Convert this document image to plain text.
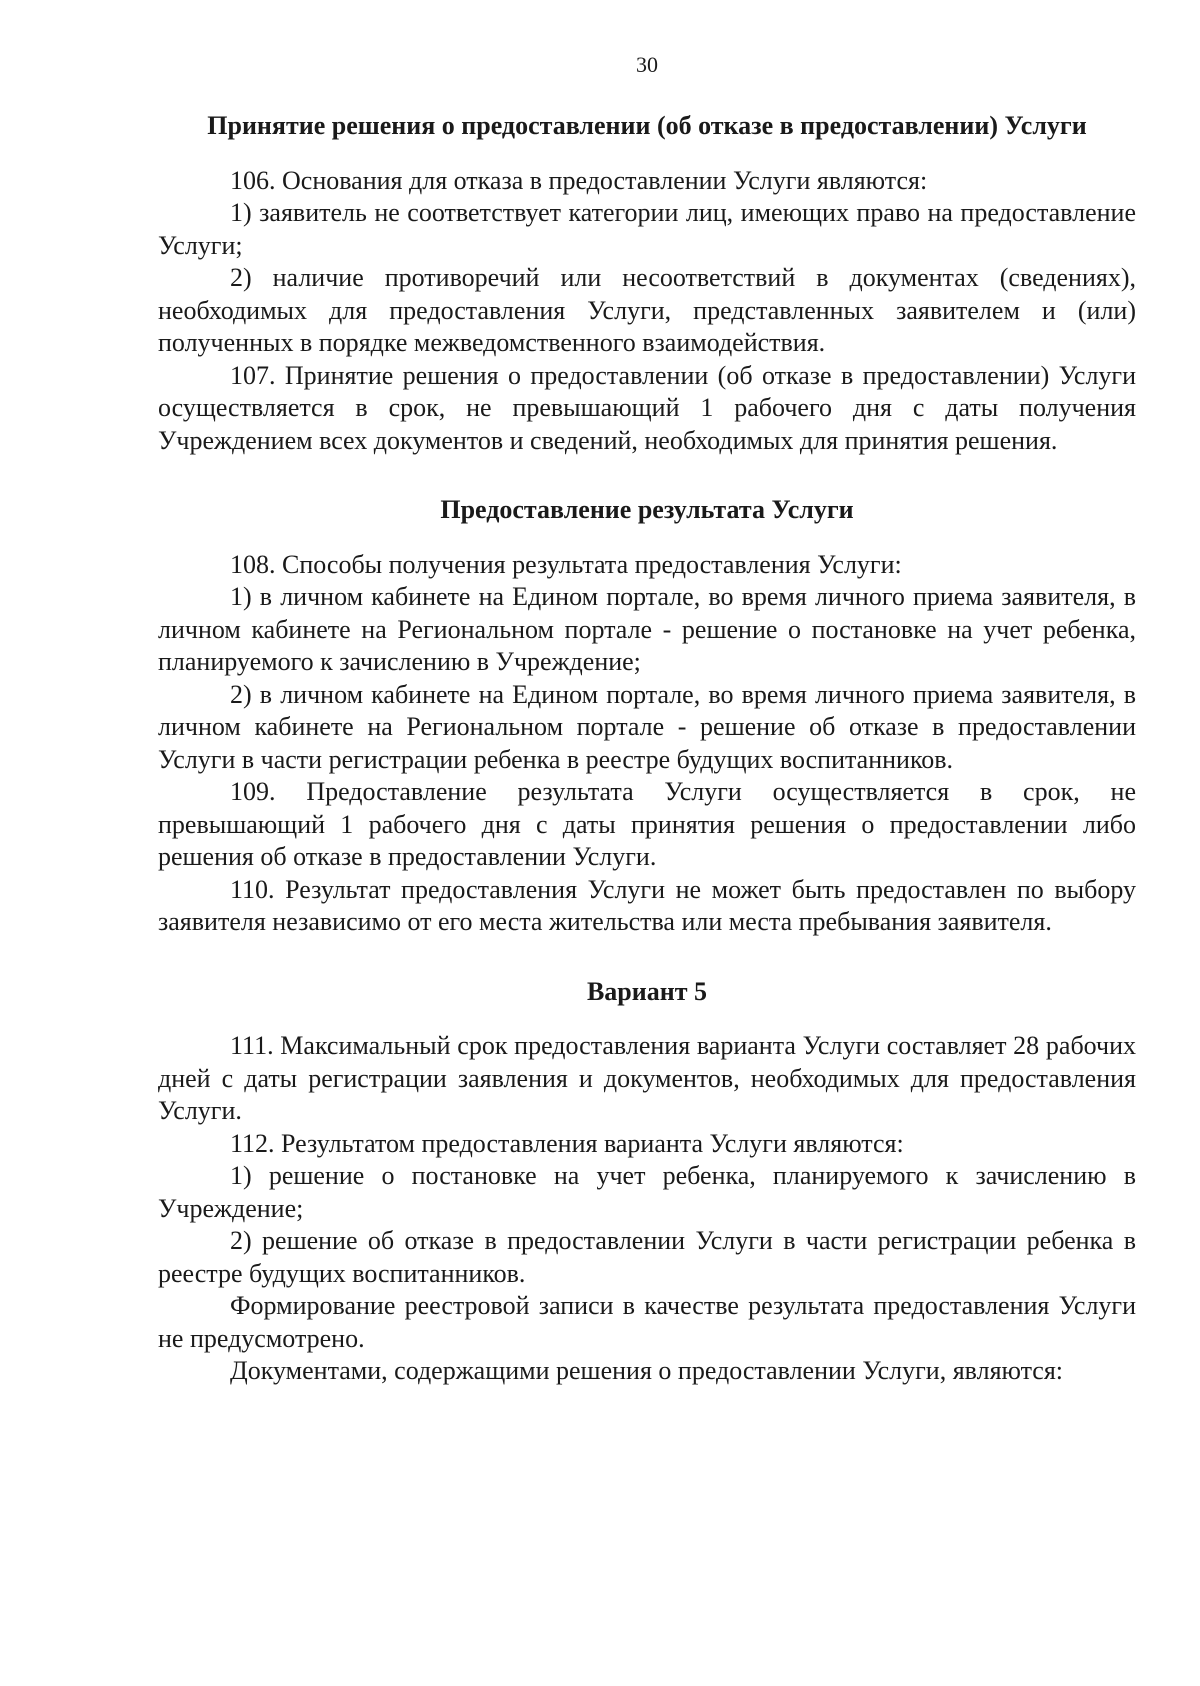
30
Принятие решения о предоставлении (об отказе в предоставлении) Услуги

106. Основания для отказа в предоставлении Услуги являются:

1) заявитель не соответствует категории лиц, имеющих право на предоставление Услуги;

2) наличие противоречий или несоответствий в документах (сведениях), необходимых для предоставления Услуги, представленных заявителем и (или) полученных в порядке межведомственного взаимодействия.

107. Принятие решения о предоставлении (об отказе в предоставлении) Услуги осуществляется в срок, не превышающий 1 рабочего дня с даты получения Учреждением всех документов и сведений, необходимых для принятия решения.

Предоставление результата Услуги

108. Способы получения результата предоставления Услуги:

1) в личном кабинете на Едином портале, во время личного приема заявителя, в личном кабинете на Региональном портале - решение о постановке на учет ребенка, планируемого к зачислению в Учреждение;

2) в личном кабинете на Едином портале, во время личного приема заявителя, в личном кабинете на Региональном портале - решение об отказе в предоставлении Услуги в части регистрации ребенка в реестре будущих воспитанников.

109. Предоставление результата Услуги осуществляется в срок, не превышающий 1 рабочего дня с даты принятия решения о предоставлении либо решения об отказе в предоставлении Услуги.

110. Результат предоставления Услуги не может быть предоставлен по выбору заявителя независимо от его места жительства или места пребывания заявителя.

Вариант 5

111. Максимальный срок предоставления варианта Услуги составляет 28 рабочих дней с даты регистрации заявления и документов, необходимых для предоставления Услуги.

112. Результатом предоставления варианта Услуги являются:

1) решение о постановке на учет ребенка, планируемого к зачислению в Учреждение;

2) решение об отказе в предоставлении Услуги в части регистрации ребенка в реестре будущих воспитанников.

Формирование реестровой записи в качестве результата предоставления Услуги не предусмотрено.

Документами, содержащими решения о предоставлении Услуги, являются:
